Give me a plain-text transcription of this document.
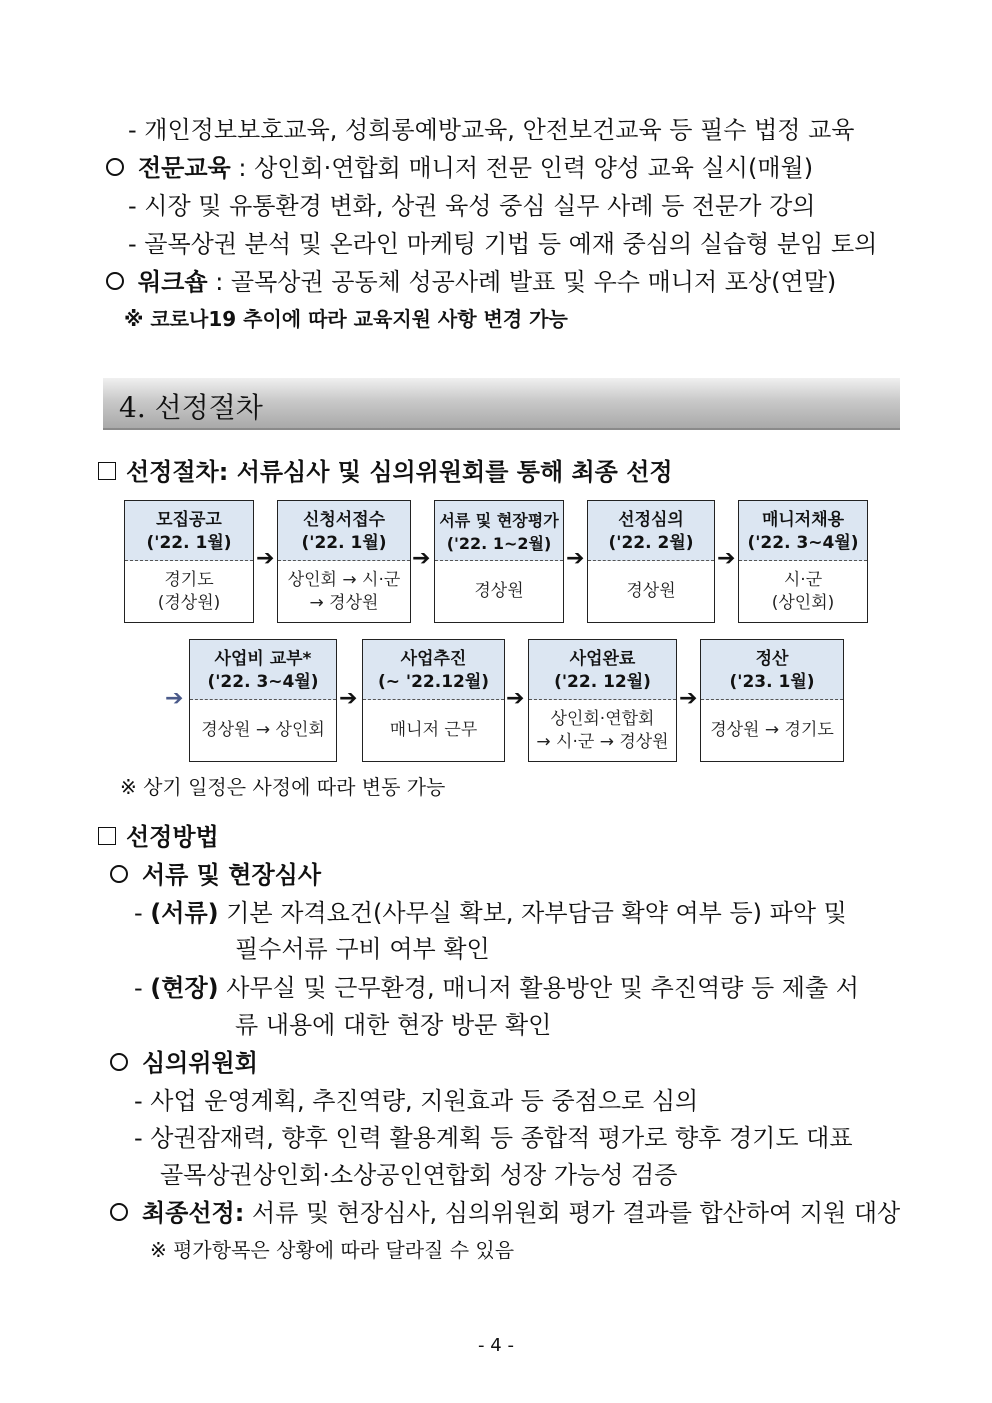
- 개인정보보호교육, 성희롱예방교육, 안전보건교육 등 필수 법정 교육
전문교육 : 상인회·연합회 매니저 전문 인력 양성 교육 실시(매월)
- 시장 및 유통환경 변화, 상권 육성 중심 실무 사례 등 전문가 강의
- 골목상권 분석 및 온라인 마케팅 기법 등 예재 중심의 실습형 분임 토의
워크숍 : 골목상권 공동체 성공사례 발표 및 우수 매니저 포상(연말)
※ 코로나19 추이에 따라 교육지원 사항 변경 가능
4. 선정절차
선정절차: 서류심사 및 심의위원회를 통해 최종 선정
모집공고
('22. 1월)
경기도
(경상원)
➔
신청서접수
('22. 1월)
상인회 → 시·군
→ 경상원
➔
서류 및 현장평가
('22. 1~2월)
경상원
➔
선정심의
('22. 2월)
경상원
➔
매니저채용
('22. 3~4월)
시·군
(상인회)
➔
사업비 교부*
('22. 3~4월)
경상원 → 상인회
➔
사업추진
(~ '22.12월)
매니저 근무
➔
사업완료
('22. 12월)
상인회·연합회
→ 시·군 → 경상원
➔
정산
('23. 1월)
경상원 → 경기도
※ 상기 일정은 사정에 따라 변동 가능
선정방법
서류 및 현장심사
- (서류) 기본 자격요건(사무실 확보, 자부담금 확약 여부 등) 파악 및
필수서류 구비 여부 확인
- (현장) 사무실 및 근무환경, 매니저 활용방안 및 추진역량 등 제출 서
류 내용에 대한 현장 방문 확인
심의위원회
- 사업 운영계획, 추진역량, 지원효과 등 중점으로 심의
- 상권잠재력, 향후 인력 활용계획 등 종합적 평가로 향후 경기도 대표
골목상권상인회·소상공인연합회 성장 가능성 검증
최종선정: 서류 및 현장심사, 심의위원회 평가 결과를 합산하여 지원 대상
※ 평가항목은 상황에 따라 달라질 수 있음
- 4 -
